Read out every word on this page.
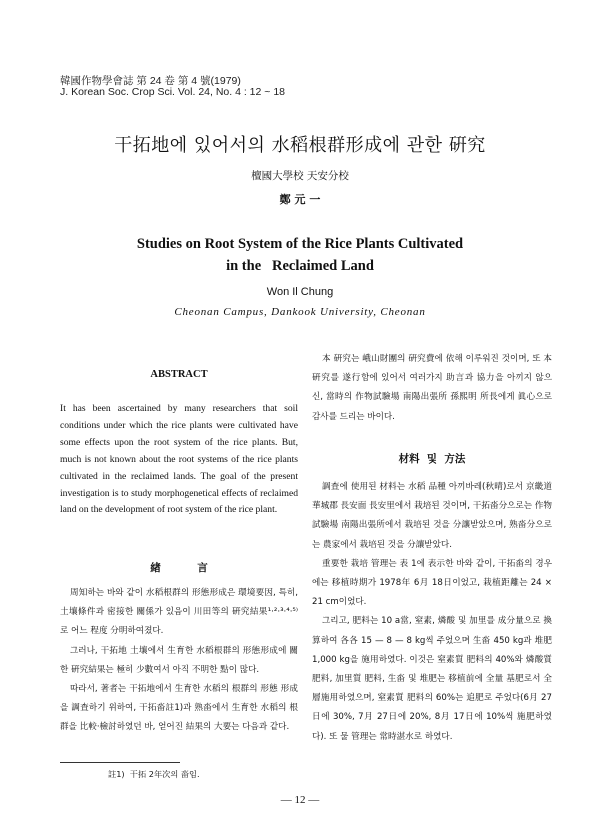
韓國作物學會誌 第 24 卷 第 4 號(1979)
J. Korean Soc. Crop Sci. Vol. 24, No. 4 : 12 ~ 18
干拓地에 있어서의 水稻根群形成에 관한 硏究
檀國大學校 天安分校
鄭 元 一
Studies on Root System of the Rice Plants Cultivated
in the   Reclaimed Land
Won Il Chung
Cheonan Campus, Dankook University, Cheonan
ABSTRACT
It has been ascertained by many researchers that soil conditions under which the rice plants were cultivated have some effects upon the root system of the rice plants. But, much is not known about the root systems of the rice plants cultivated in the reclaimed lands. The goal of the present investigation is to study morphogenetical effects of reclaimed land on the development of root system of the rice plant.
緖          言

周知하는 바와 같이 水稻根群의 形態形成은 環境要因, 특히, 土壤條件과 密接한 關係가 있음이 川田等의 硏究結果¹·²·³·⁴·⁵⁾로 어느 程度 分明하여졌다.

그러나, 干拓地 土壤에서 生育한 水稻根群의 形態形成에 關한 硏究結果는 極히 少數여서 아직 不明한 點이 많다.

따라서, 著者는 干拓地에서 生育한 水稻의 根群의 形態 形成을 調査하기 위하여, 干拓畓註1)과 熟畓에서 生育한 水稻의 根群을 比較·檢討하였던 바, 얻어진 結果의 大要는 다음과 같다.

本 硏究는 峨山財團의 硏究費에 依해 이루워진 것이며, 또 本 硏究를 遂行함에 있어서 여러가지 助言과 協力을 아끼지 않으신, 當時의 作物試驗場 南陽出張所 孫熙明 所長에게 眞心으로 감사를 드리는 바이다.

材料  및  方法

調査에 使用된 材料는 水稻 品種 아끼바레(秋晴)로서 京畿道 華城郡 長安面 長安里에서 栽培된 것이며, 干拓畓分으로는 作物試驗場 南陽出張所에서 栽培된 것을 分讓받았으며, 熟畓分으로는 農家에서 栽培된 것을 分讓받았다.

重要한 栽培 管理는 表 1에 表示한 바와 같이, 干拓畓의 경우에는 移植時期가 1978年 6月 18日이었고, 栽植距離는 24 × 21 cm이었다.

그리고, 肥料는 10 a當, 窒素, 燐酸 및 加里를 成分量으로 換算하여 各各 15 — 8 — 8 kg씩 주었으며 生畓 450 kg과 堆肥 1,000 kg을 施用하였다. 이것은 窒素質 肥料의 40%와 燐酸質 肥料, 加里質 肥料, 生畓 및 堆肥는 移植前에 全量 基肥로서 全層施用하였으며, 窒素質 肥料의 60%는 追肥로 주었다(6月 27日에 30%, 7月 27日에 20%, 8月 17日에 10%씩 施肥하였다). 또 물 管理는 常時湛水로 하였다.

註1)  干拓 2年次의 畓임.
— 12 —
